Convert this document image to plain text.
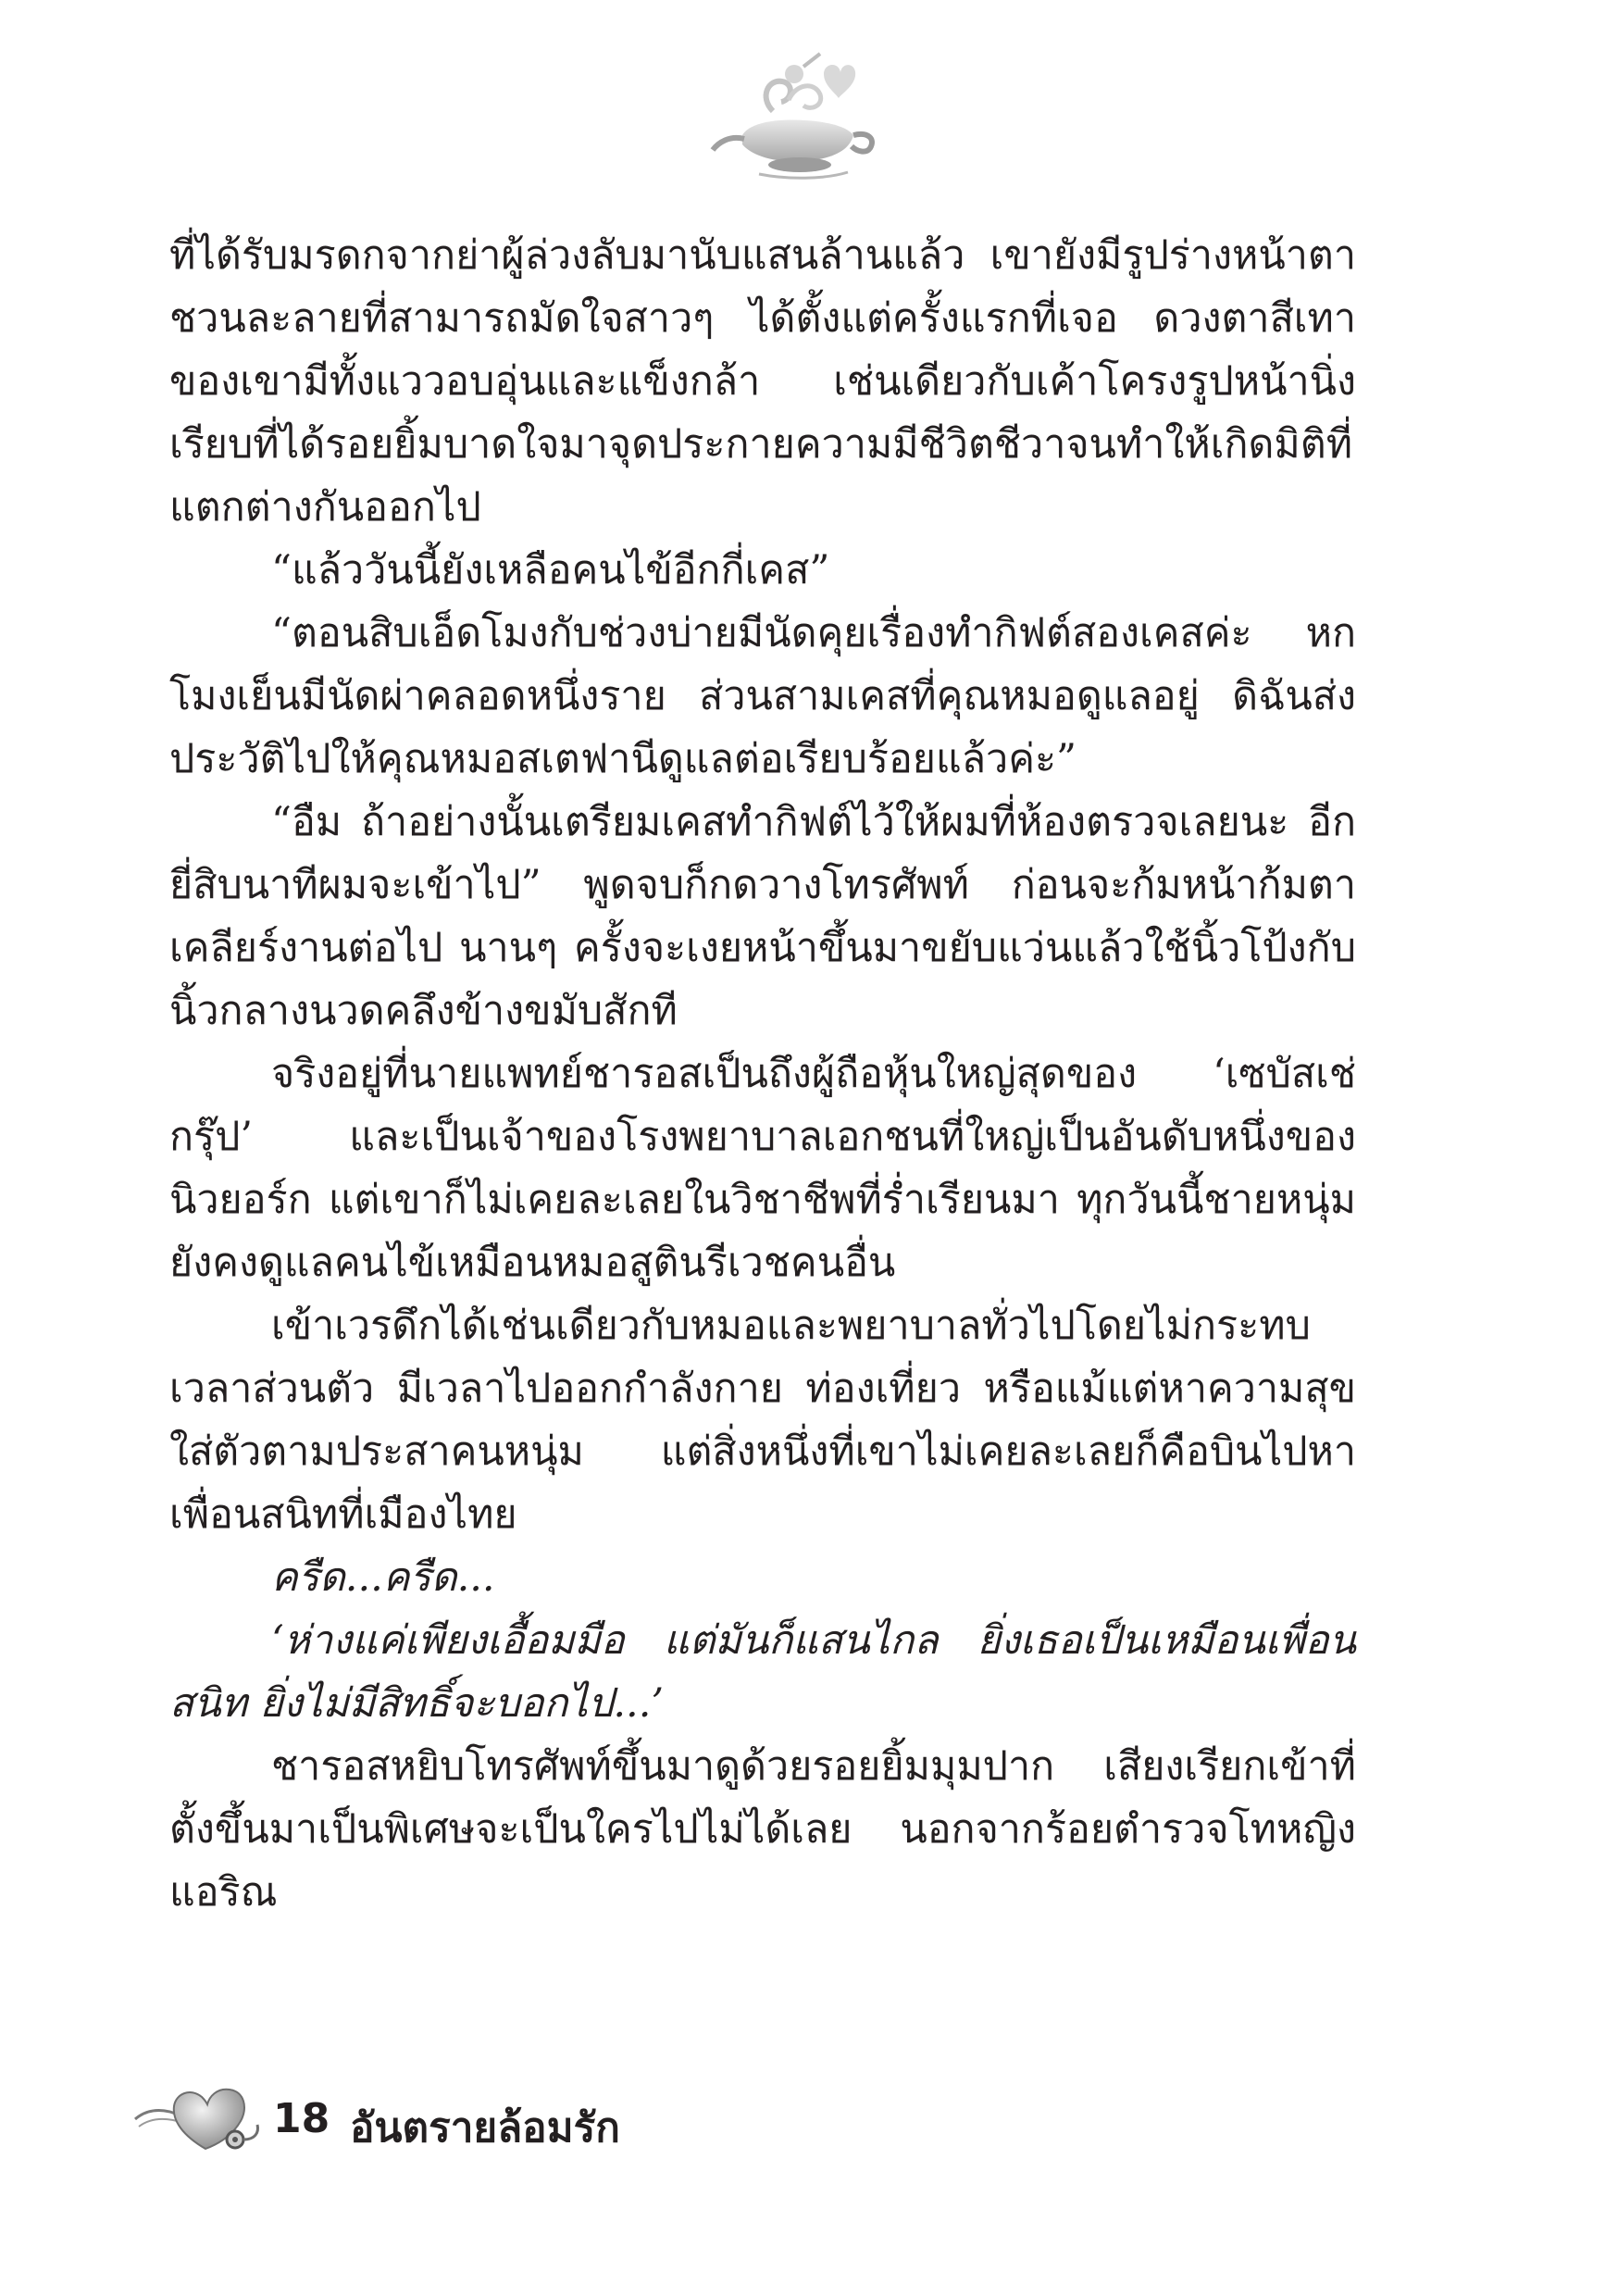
ที่ได้รับมรดกจากย่าผู้ล่วงลับมานับแสนล้านแล้ว เขายังมีรูปร่างหน้าตาชวนละลายที่สามารถมัดใจสาวๆ ได้ตั้งแต่ครั้งแรกที่เจอ ดวงตาสีเทาของเขามีทั้งแววอบอุ่นและแข็งกล้า เช่นเดียวกับเค้าโครงรูปหน้านิ่งเรียบที่ได้รอยยิ้มบาดใจมาจุดประกายความมีชีวิตชีวาจนทำให้เกิดมิติที่แตกต่างกันออกไป

“แล้ววันนี้ยังเหลือคนไข้อีกกี่เคส”

“ตอนสิบเอ็ดโมงกับช่วงบ่ายมีนัดคุยเรื่องทำกิฟต์สองเคสค่ะ หกโมงเย็นมีนัดผ่าคลอดหนึ่งราย ส่วนสามเคสที่คุณหมอดูแลอยู่ ดิฉันส่งประวัติไปให้คุณหมอสเตฟานีดูแลต่อเรียบร้อยแล้วค่ะ”

“อืม ถ้าอย่างนั้นเตรียมเคสทำกิฟต์ไว้ให้ผมที่ห้องตรวจเลยนะ อีกยี่สิบนาทีผมจะเข้าไป” พูดจบก็กดวางโทรศัพท์ ก่อนจะก้มหน้าก้มตาเคลียร์งานต่อไป นานๆ ครั้งจะเงยหน้าขึ้นมาขยับแว่นแล้วใช้นิ้วโป้งกับนิ้วกลางนวดคลึงข้างขมับสักที

จริงอยู่ที่นายแพทย์ชารอสเป็นถึงผู้ถือหุ้นใหญ่สุดของ ‘เซบัสเช่กรุ๊ป’ และเป็นเจ้าของโรงพยาบาลเอกชนที่ใหญ่เป็นอันดับหนึ่งของนิวยอร์ก แต่เขาก็ไม่เคยละเลยในวิชาชีพที่ร่ำเรียนมา ทุกวันนี้ชายหนุ่มยังคงดูแลคนไข้เหมือนหมอสูตินรีเวชคนอื่น

เข้าเวรดึกได้เช่นเดียวกับหมอและพยาบาลทั่วไปโดยไม่กระทบเวลาส่วนตัว มีเวลาไปออกกำลังกาย ท่องเที่ยว หรือแม้แต่หาความสุขใส่ตัวตามประสาคนหนุ่ม แต่สิ่งหนึ่งที่เขาไม่เคยละเลยก็คือบินไปหาเพื่อนสนิทที่เมืองไทย

ครืด...ครืด...

‘ห่างแค่เพียงเอื้อมมือ แต่มันก็แสนไกล ยิ่งเธอเป็นเหมือนเพื่อนสนิท ยิ่งไม่มีสิทธิ์จะบอกไป...’

ชารอสหยิบโทรศัพท์ขึ้นมาดูด้วยรอยยิ้มมุมปาก เสียงเรียกเข้าที่ตั้งขึ้นมาเป็นพิเศษจะเป็นใครไปไม่ได้เลย นอกจากร้อยตำรวจโทหญิงแอริณ

18 อันตรายล้อมรัก
